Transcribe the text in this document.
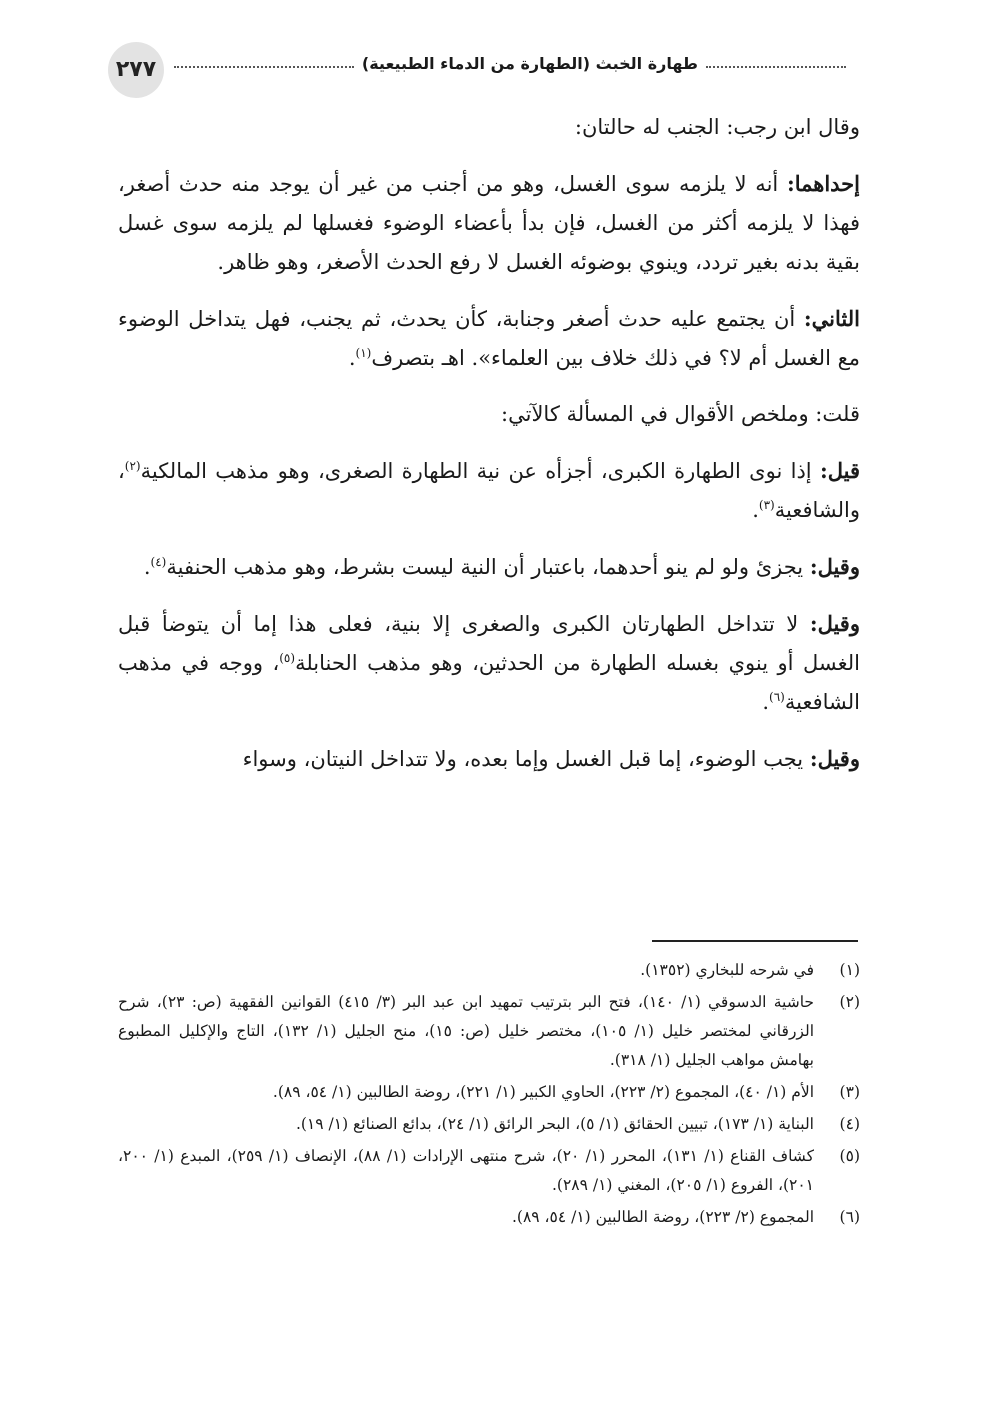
٢٧٧	طهارة الخبث (الطهارة من الدماء الطبيعية)

وقال ابن رجب: الجنب له حالتان:

إحداهما: أنه لا يلزمه سوى الغسل، وهو من أجنب من غير أن يوجد منه حدث أصغر، فهذا لا يلزمه أكثر من الغسل، فإن بدأ بأعضاء الوضوء فغسلها لم يلزمه سوى غسل بقية بدنه بغير تردد، وينوي بوضوئه الغسل لا رفع الحدث الأصغر، وهو ظاهر.

الثاني: أن يجتمع عليه حدث أصغر وجنابة، كأن يحدث، ثم يجنب، فهل يتداخل الوضوء مع الغسل أم لا؟ في ذلك خلاف بين العلماء». اهـ بتصرف$^{(١)}$.

قلت: وملخص الأقوال في المسألة كالآتي:

قيل: إذا نوى الطهارة الكبرى، أجزأه عن نية الطهارة الصغرى، وهو مذهب المالكية$^{(٢)}$، والشافعية$^{(٣)}$.

وقيل: يجزئ ولو لم ينو أحدهما، باعتبار أن النية ليست بشرط، وهو مذهب الحنفية$^{(٤)}$.

وقيل: لا تتداخل الطهارتان الكبرى والصغرى إلا بنية، فعلى هذا إما أن يتوضأ قبل الغسل أو ينوي بغسله الطهارة من الحدثين، وهو مذهب الحنابلة$^{(٥)}$، ووجه في مذهب الشافعية$^{(٦)}$.

وقيل: يجب الوضوء، إما قبل الغسل وإما بعده، ولا تتداخل النيتان، وسواء

(١)
في شرحه للبخاري (١٣٥٢).
(٢)
حاشية الدسوقي (١/ ١٤٠)، فتح البر بترتيب تمهيد ابن عبد البر (٣/ ٤١٥) القوانين الفقهية (ص: ٢٣)، شرح الزرقاني لمختصر خليل (١/ ١٠٥)، مختصر خليل (ص: ١٥)، منح الجليل (١/ ١٣٢)، التاج والإكليل المطبوع بهامش مواهب الجليل (١/ ٣١٨).
(٣)
الأم (١/ ٤٠)، المجموع (٢/ ٢٢٣)، الحاوي الكبير (١/ ٢٢١)، روضة الطالبين (١/ ٥٤، ٨٩).
(٤)
البناية (١/ ١٧٣)، تبيين الحقائق (١/ ٥)، البحر الرائق (١/ ٢٤)، بدائع الصنائع (١/ ١٩).
(٥)
كشاف القناع (١/ ١٣١)، المحرر (١/ ٢٠)، شرح منتهى الإرادات (١/ ٨٨)، الإنصاف (١/ ٢٥٩)، المبدع (١/ ٢٠٠، ٢٠١)، الفروع (١/ ٢٠٥)، المغني (١/ ٢٨٩).
(٦)
المجموع (٢/ ٢٢٣)، روضة الطالبين (١/ ٥٤، ٨٩).
